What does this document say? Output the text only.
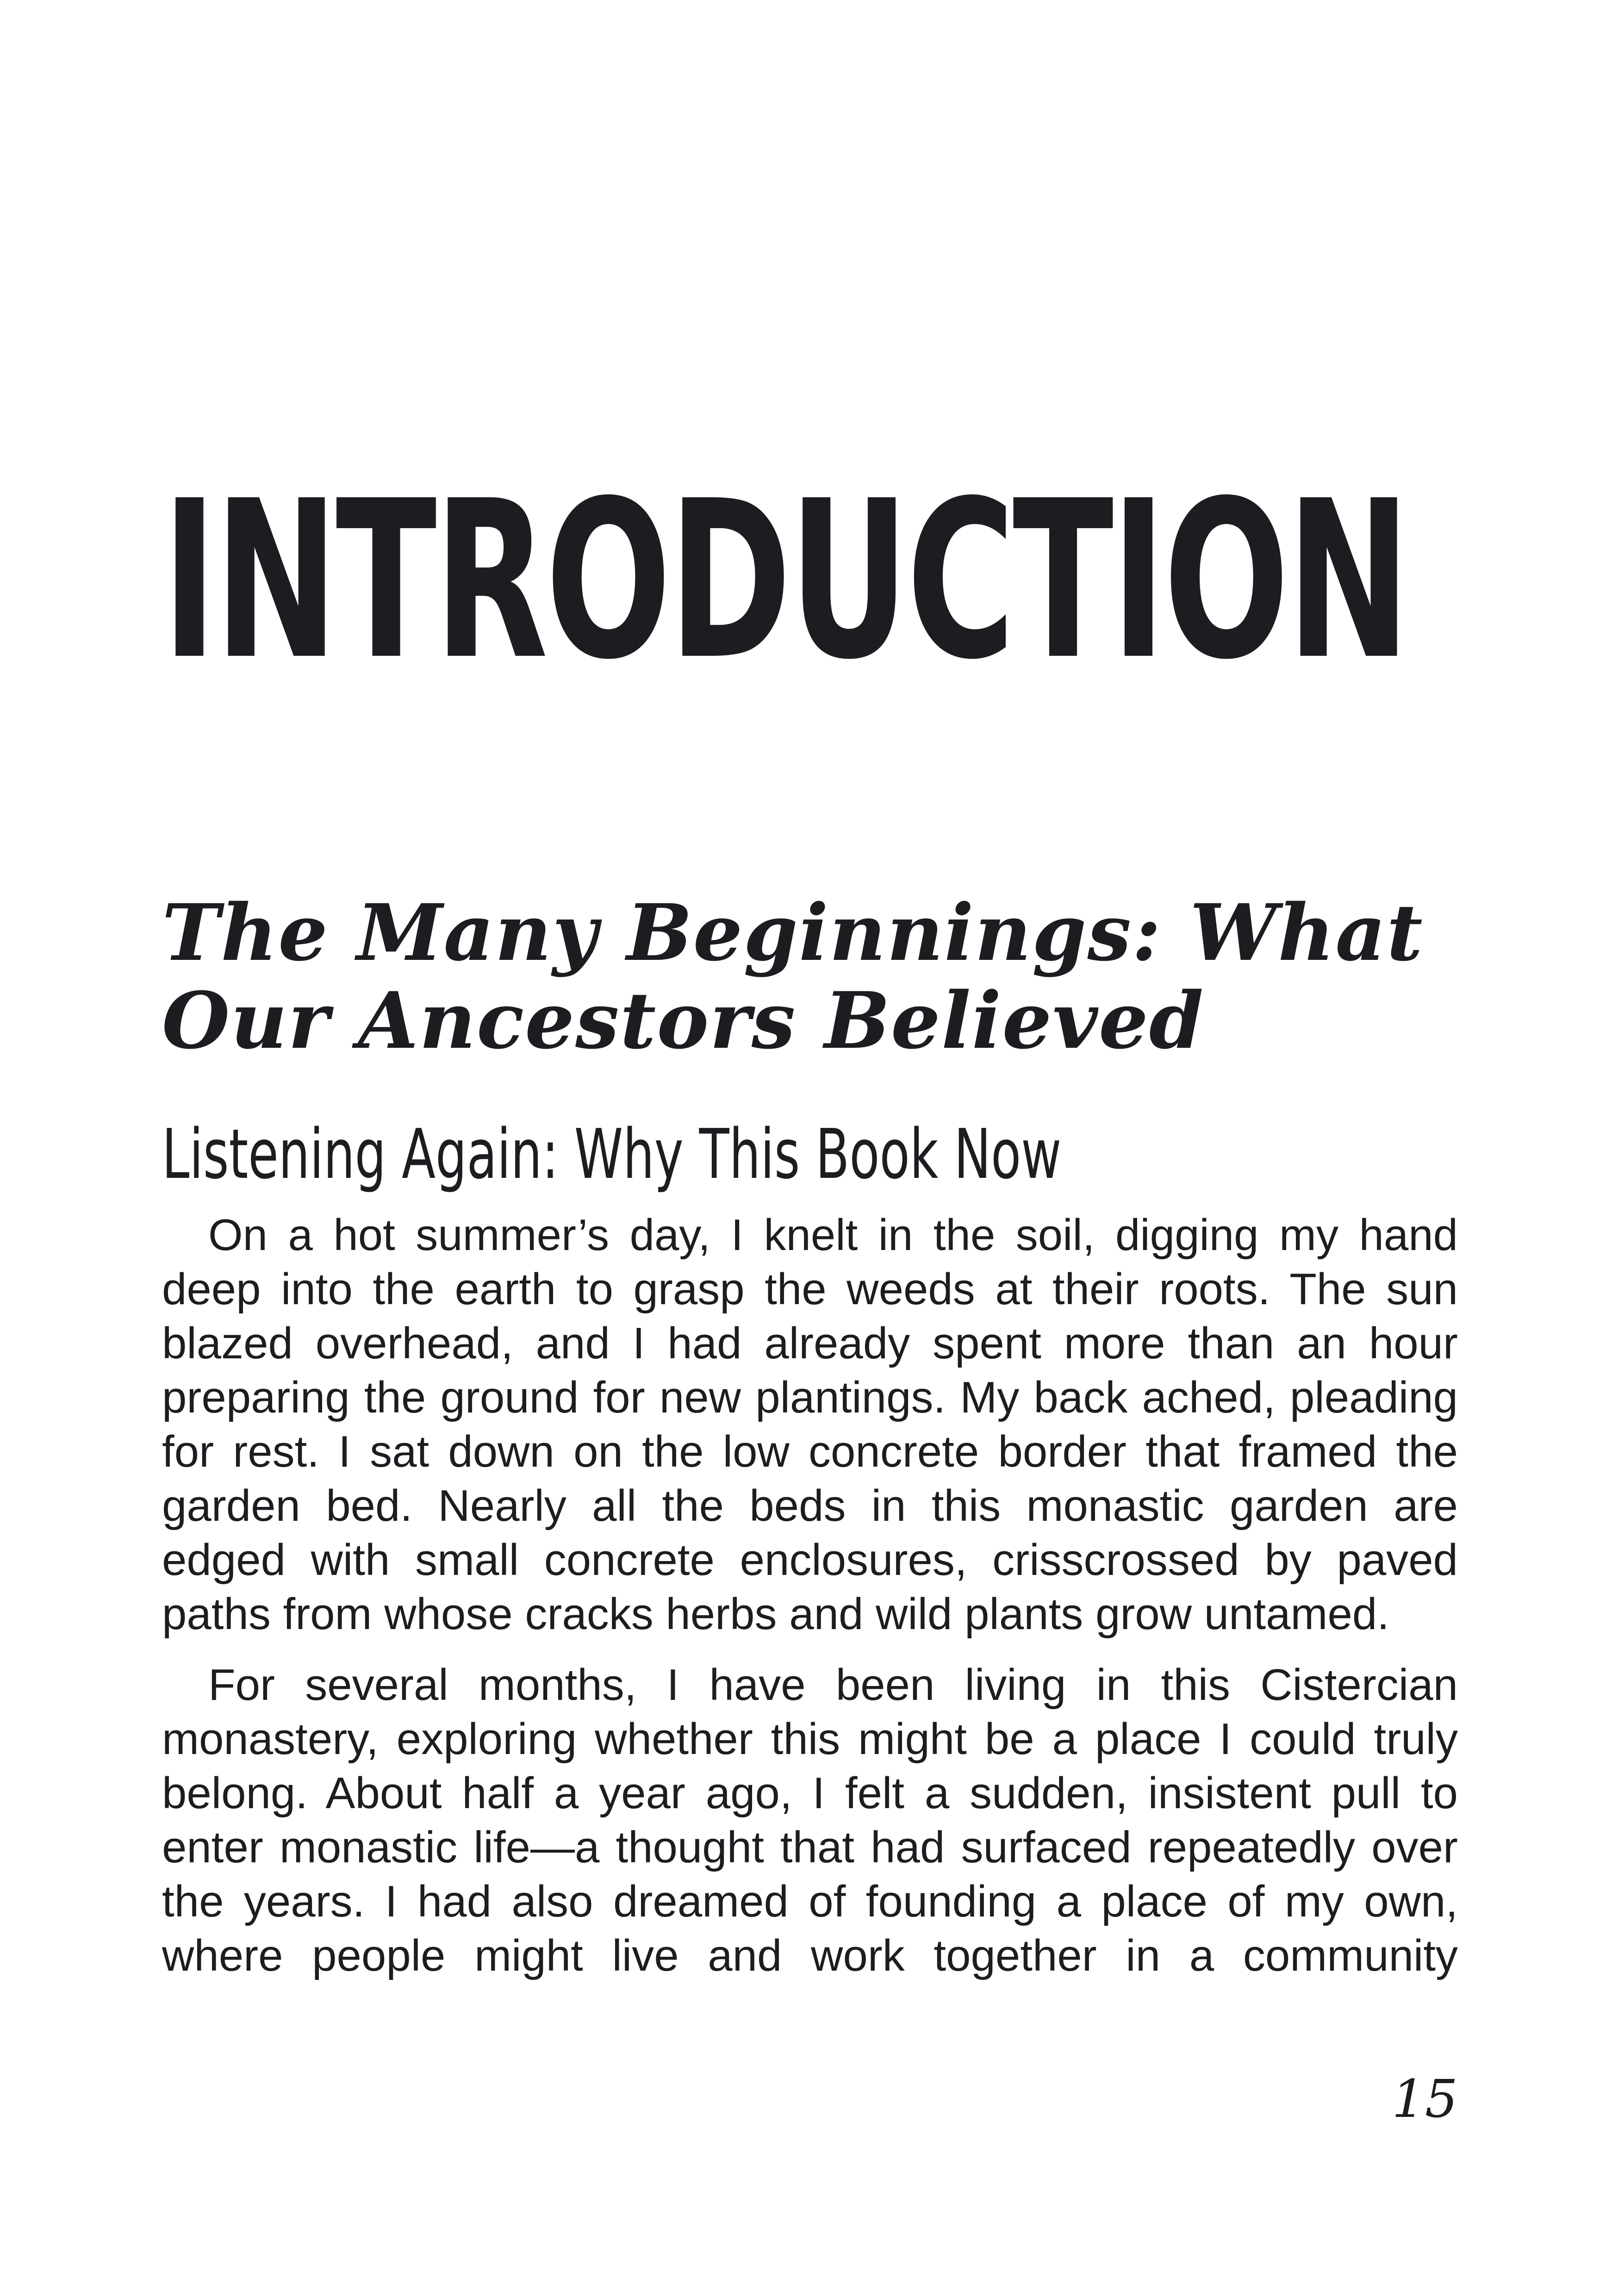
INTRODUCTION
The Many Beginnings: What Our Ancestors Believed
Listening Again: Why This Book Now

On a hot summer’s day, I knelt in the soil, digging my hand deep into the earth to grasp the weeds at their roots. The sun blazed overhead, and I had already spent more than an hour preparing the ground for new plantings. My back ached, pleading for rest. I sat down on the low concrete border that framed the garden bed. Nearly all the beds in this monastic garden are edged with small concrete enclosures, crisscrossed by paved paths from whose cracks herbs and wild plants grow untamed.

For several months, I have been living in this Cistercian monastery, exploring whether this might be a place I could truly belong. About half a year ago, I felt a sudden, insistent pull to enter monastic life—a thought that had surfaced repeatedly over the years. I had also dreamed of founding a place of my own, where people might live and work together in a community

15
